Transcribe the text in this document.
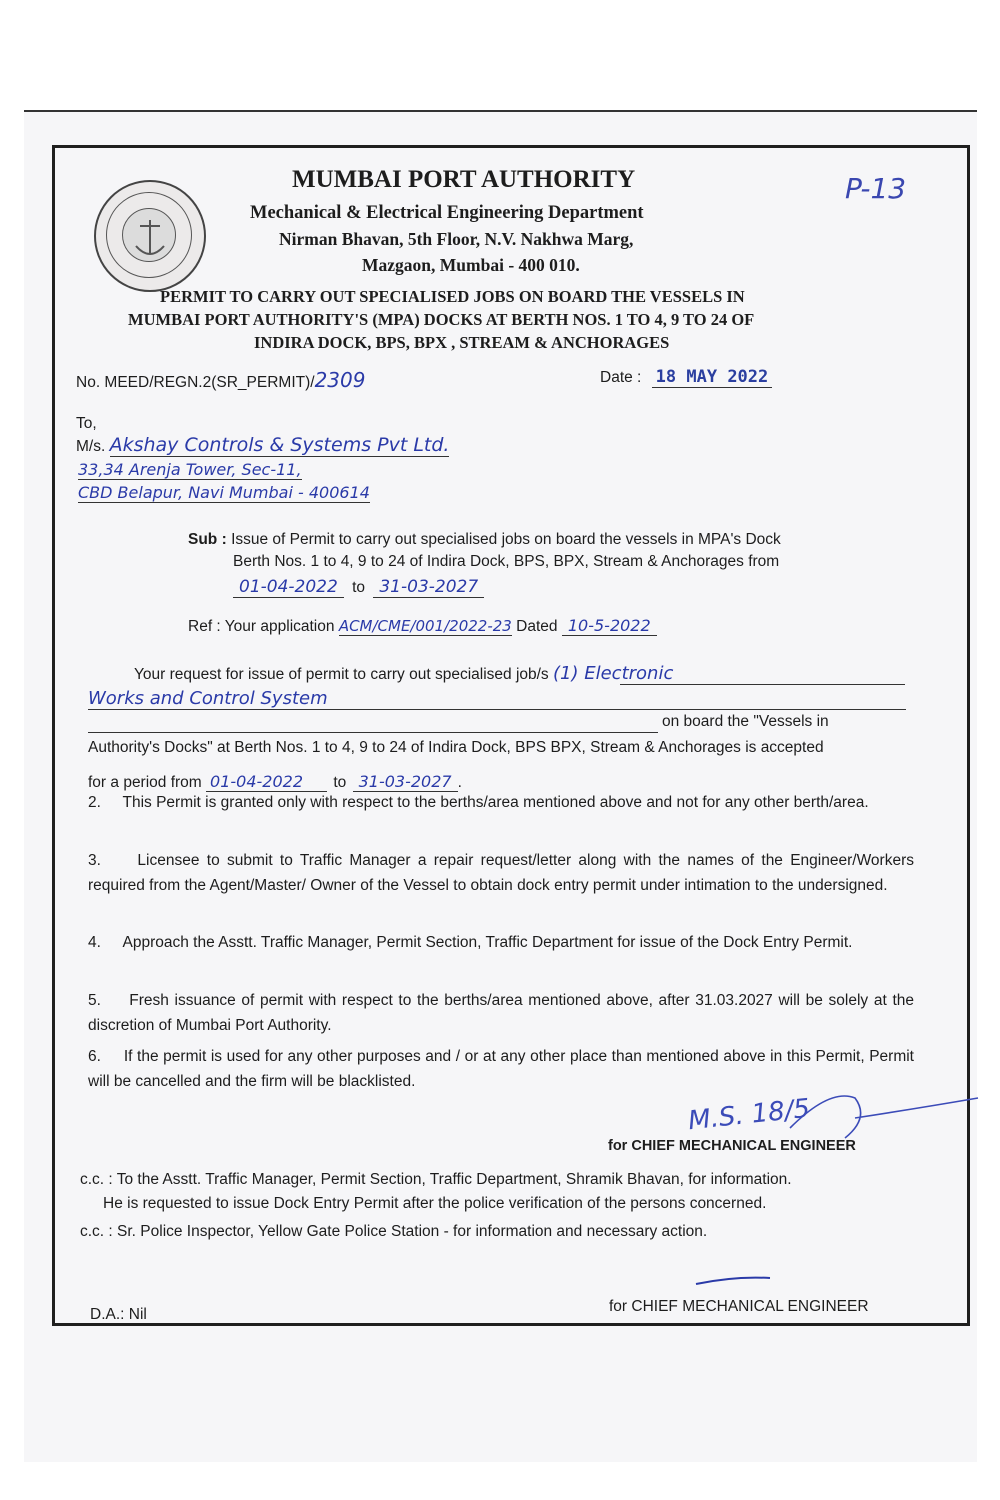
P-13
MUMBAI PORT AUTHORITY
Mechanical & Electrical Engineering Department
Nirman Bhavan, 5th Floor, N.V. Nakhwa Marg,
Mazgaon, Mumbai - 400 010.
PERMIT TO CARRY OUT SPECIALISED JOBS ON BOARD THE VESSELS IN
MUMBAI PORT AUTHORITY'S (MPA) DOCKS AT BERTH NOS. 1 TO 4, 9 TO 24 OF
INDIRA DOCK, BPS, BPX , STREAM & ANCHORAGES
No. MEED/REGN.2(SR_PERMIT)/2309	Date : 18 MAY 2022
To,
M/s. Akshay Controls & Systems Pvt Ltd.
33,34 Arenja Tower, Sec-11,
CBD Belapur, Navi Mumbai - 400614
Sub : Issue of Permit to carry out specialised jobs on board the vessels in MPA's Dock
Berth Nos. 1 to 4, 9 to 24 of Indira Dock, BPS, BPX, Stream & Anchorages from
01-04-2022 to 31-03-2027
Ref : Your application ACM/CME/001/2022-23 Dated 10-5-2022
Your request for issue of permit to carry out specialised job/s (1) Electronic
Works and Control System
on board the "Vessels in
Authority's Docks" at Berth Nos. 1 to 4, 9 to 24 of Indira Dock, BPS BPX, Stream & Anchorages is accepted
for a period from 01-04-2022 to 31-03-2027 .
2. This Permit is granted only with respect to the berths/area mentioned above and not for any other berth/area.
3. Licensee to submit to Traffic Manager a repair request/letter along with the names of the Engineer/Workers required from the Agent/Master/ Owner of the Vessel to obtain dock entry permit under intimation to the undersigned.
4. Approach the Asstt. Traffic Manager, Permit Section, Traffic Department for issue of the Dock Entry Permit.
5. Fresh issuance of permit with respect to the berths/area mentioned above, after 31.03.2027 will be solely at the discretion of Mumbai Port Authority.
6. If the permit is used for any other purposes and / or at any other place than mentioned above in this Permit, Permit will be cancelled and the firm will be blacklisted.
M.S. 18/5
for CHIEF MECHANICAL ENGINEER
c.c. : To the Asstt. Traffic Manager, Permit Section, Traffic Department, Shramik Bhavan, for information.
He is requested to issue Dock Entry Permit after the police verification of the persons concerned.
c.c. : Sr. Police Inspector, Yellow Gate Police Station - for information and necessary action.
D.A.: Nil	for CHIEF MECHANICAL ENGINEER
